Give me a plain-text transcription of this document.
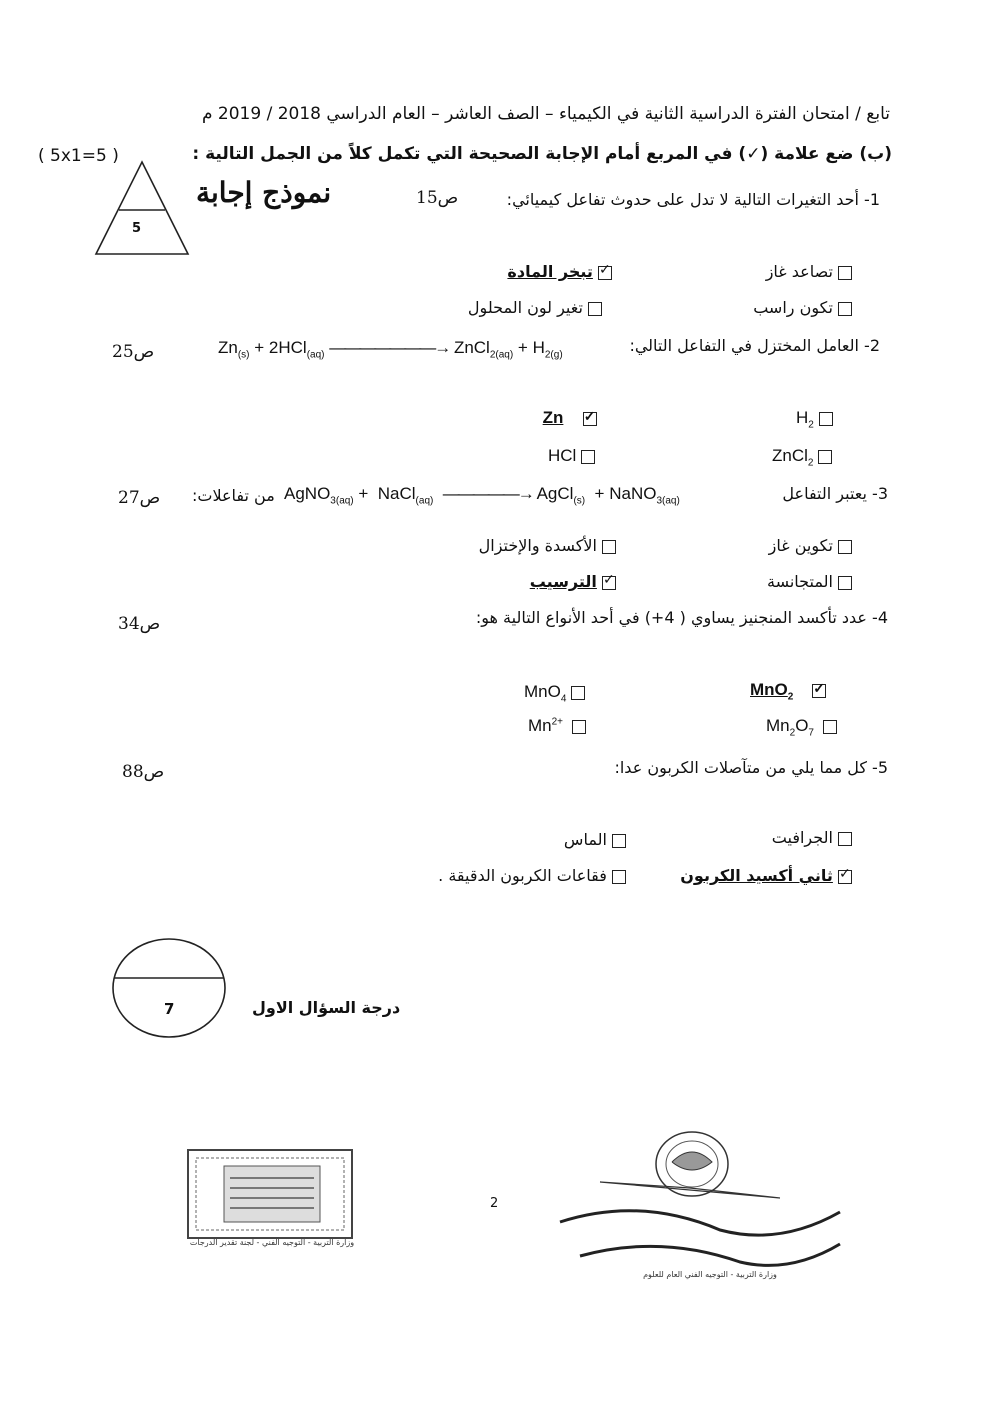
تابع / امتحان الفترة الدراسية الثانية في الكيمياء – الصف العاشر – العام الدراسي 2018 / 2019 م
(ب) ضع علامة (✓) في المربع أمام الإجابة الصحيحة التي تكمل كلاً من الجمل التالية :
( 5x1=5 )
5
نموذج إجابة	1- أحد التغيرات التالية لا تدل على حدوث تفاعل كيميائي:
ص15
تصاعد غاز
✓ تبخر المادة
تكون راسب
تغير لون المحلول
2- العامل المختزل في التفاعل التالي:
$Zn_{(s)} + 2HCl_{(aq)}$ ———————→ ZnCl$_{2(aq)}$ + $H_{2(g)}$
ص25
$H_2$
Zn ✓
ZnCl$_2$
HCl
3- يعتبر التفاعل
AgNO$_{3(aq)}$ +  NaCl$_{(aq)}$ —————→ AgCl$_{(s)}$  + NaNO$_{3(aq)}$
من تفاعلات:
ص27
تكوين غاز
الأكسدة والإختزال
المتجانسة
✓ الترسيب
4- عدد تأكسد المنجنيز يساوي ( 4+) في أحد الأنواع التالية هو:
ص34
MnO$_2$    ✓
MnO$_4$
$Mn_2O_7$
$Mn^{2+}$
5- كل مما يلي من متآصلات الكربون عدا:
ص88
الجرافيت
الماس
✓ ثاني أكسيد الكربون
فقاعات الكربون الدقيقة .
7	درجة السؤال الاول
وزارة التربية - التوجيه الفني - لجنة تقدير الدرجات
2
وزارة التربية - التوجيه الفني العام للعلوم
